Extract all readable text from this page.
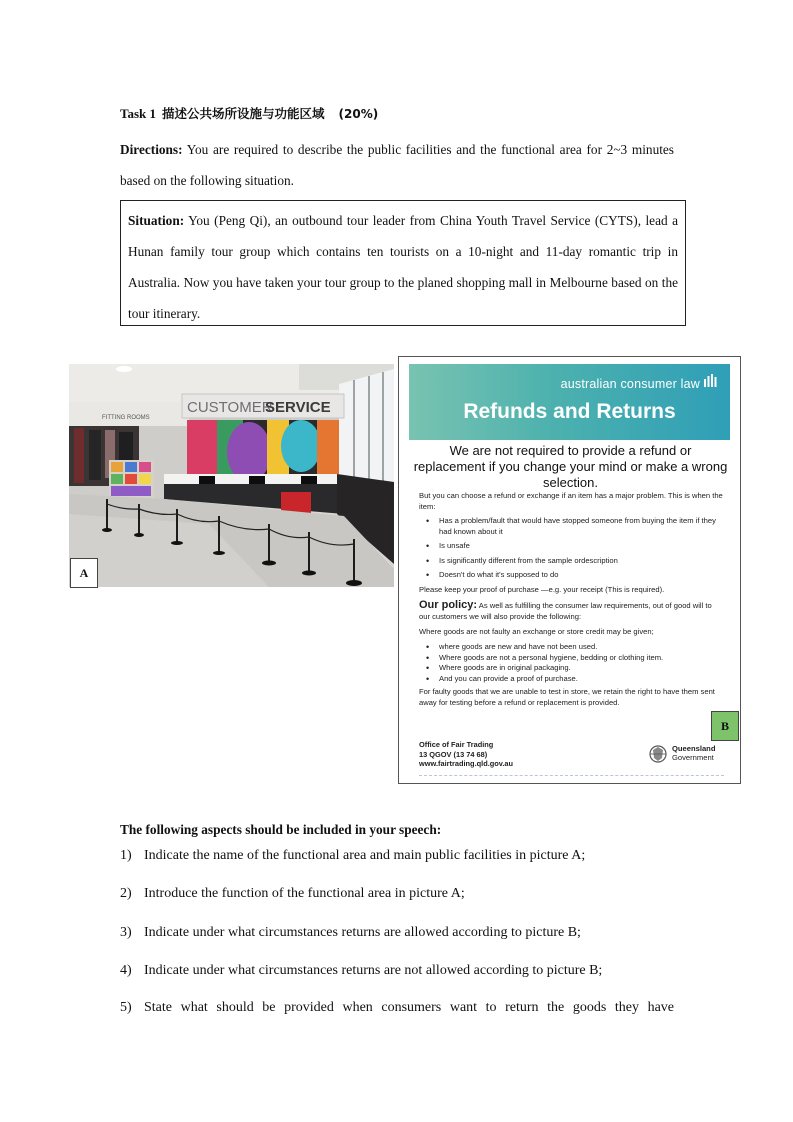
Task 1 描述公共场所设施与功能区域 (20%)
Directions: You are required to describe the public facilities and the functional area for 2~3 minutes based on the following situation.
Situation: You (Peng Qi), an outbound tour leader from China Youth Travel Service (CYTS), lead a Hunan family tour group which contains ten tourists on a 10-night and 11-day romantic trip in Australia. Now you have taken your tour group to the planed shopping mall in Melbourne based on the tour itinerary.
FITTING ROOMS
CUSTOMER
SERVICE
A
australian consumer law
Refunds and Returns
We are not required to provide a refund or replacement if you change your mind or make a wrong selection.
But you can choose a refund or exchange if an item has a major problem. This is when the item:
• Has a problem/fault that would have stopped someone from buying the item if they had known about it
• Is unsafe
• Is significantly different from the sample ordescription
• Doesn't do what it's supposed to do
Please keep your proof of purchase —e.g. your receipt (This is required).
Our policy: As well as fulfilling the consumer law requirements, out of good will to our customers we will also provide the following:
Where goods are not faulty an exchange or store credit may be given;
• where goods are new and have not been used.
• Where goods are not a personal hygiene, bedding or clothing item.
• Where goods are in original packaging.
• And you can provide a proof of purchase.
For faulty goods that we are unable to test in store, we retain the right to have them sent away for testing before a refund or replacement is provided.
Office of Fair Trading
13 QGOV (13 74 68)
www.fairtrading.qld.gov.au
Queensland
Government
B
The following aspects should be included in your speech:
1) Indicate the name of the functional area and main public facilities in picture A;
2) Introduce the function of the functional area in picture A;
3) Indicate under what circumstances returns are allowed according to picture B;
4) Indicate under what circumstances returns are not allowed according to picture B;
5) State what should be provided when consumers want to return the goods they have
